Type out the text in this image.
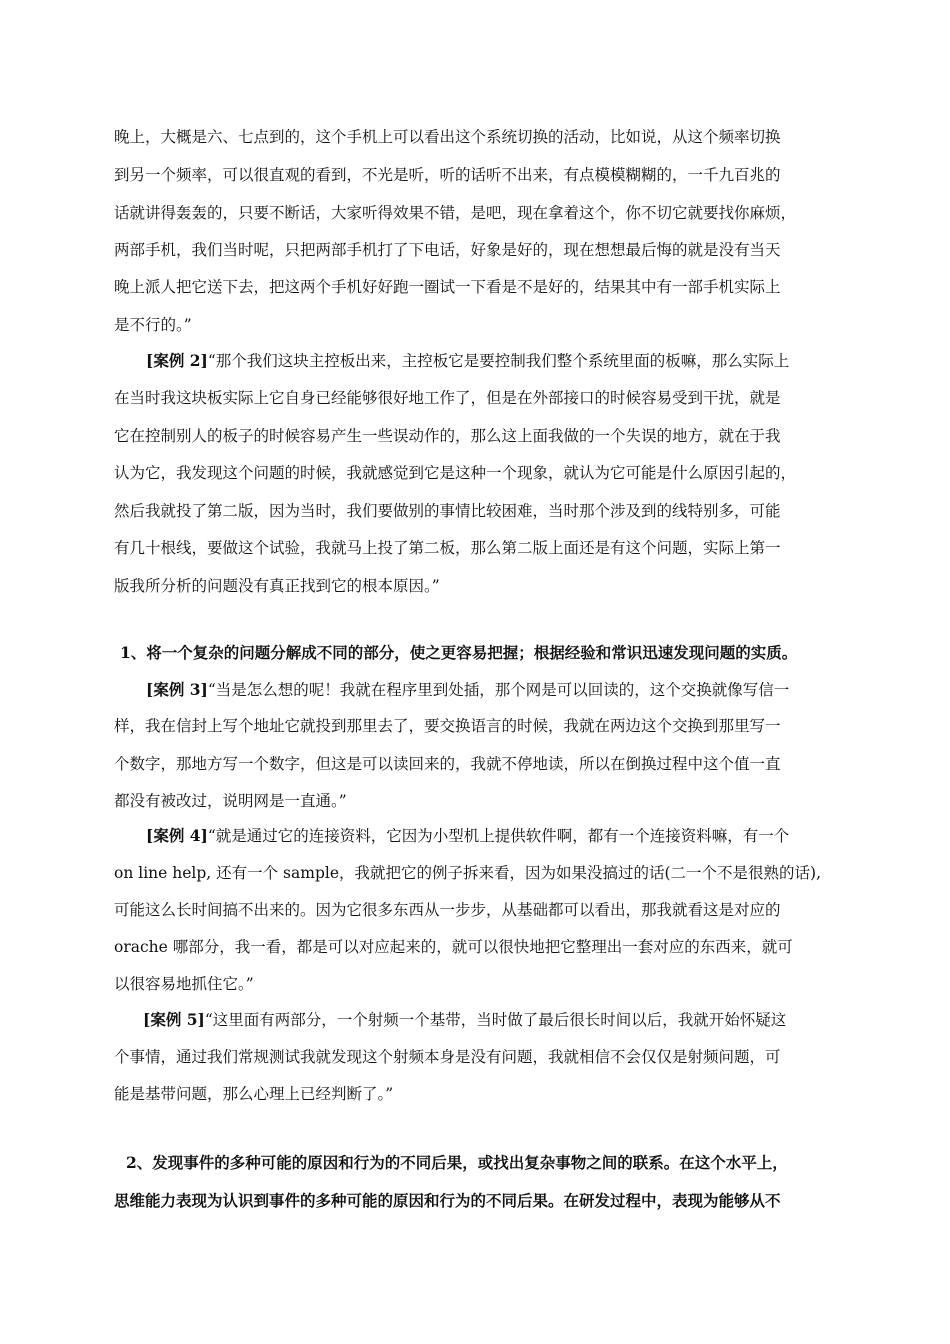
晚上，大概是六、七点到的，这个手机上可以看出这个系统切换的活动，比如说，从这个频率切换
到另一个频率，可以很直观的看到，不光是听，听的话听不出来，有点模模糊糊的，一千九百兆的
话就讲得轰轰的，只要不断话，大家听得效果不错，是吧，现在拿着这个，你不切它就要找你麻烦，
两部手机，我们当时呢，只把两部手机打了下电话，好象是好的，现在想想最后悔的就是没有当天
晚上派人把它送下去，把这两个手机好好跑一圈试一下看是不是好的，结果其中有一部手机实际上
是不行的。”
[案例 2]“那个我们这块主控板出来，主控板它是要控制我们整个系统里面的板嘛，那么实际上
在当时我这块板实际上它自身已经能够很好地工作了，但是在外部接口的时候容易受到干扰，就是
它在控制别人的板子的时候容易产生一些误动作的，那么这上面我做的一个失误的地方，就在于我
认为它，我发现这个问题的时候，我就感觉到它是这种一个现象，就认为它可能是什么原因引起的，
然后我就投了第二版，因为当时，我们要做别的事情比较困难，当时那个涉及到的线特别多，可能
有几十根线，要做这个试验，我就马上投了第二板，那么第二版上面还是有这个问题，实际上第一
版我所分析的问题没有真正找到它的根本原因。”
1、将一个复杂的问题分解成不同的部分，使之更容易把握；根据经验和常识迅速发现问题的实质。
[案例 3]“当是怎么想的呢！我就在程序里到处插，那个网是可以回读的，这个交换就像写信一
样，我在信封上写个地址它就投到那里去了，要交换语言的时候，我就在两边这个交换到那里写一
个数字，那地方写一个数字，但这是可以读回来的，我就不停地读，所以在倒换过程中这个值一直
都没有被改过，说明网是一直通。”
[案例 4]“就是通过它的连接资料，它因为小型机上提供软件啊，都有一个连接资料嘛，有一个
on line help, 还有一个 sample，我就把它的例子拆来看，因为如果没搞过的话(二一个不是很熟的话),
可能这么长时间搞不出来的。因为它很多东西从一步步，从基础都可以看出，那我就看这是对应的
orache 哪部分，我一看，都是可以对应起来的，就可以很快地把它整理出一套对应的东西来，就可
以很容易地抓住它。”
[案例 5]“这里面有两部分，一个射频一个基带，当时做了最后很长时间以后，我就开始怀疑这
个事情，通过我们常规测试我就发现这个射频本身是没有问题，我就相信不会仅仅是射频问题，可
能是基带问题，那么心理上已经判断了。”
2、发现事件的多种可能的原因和行为的不同后果，或找出复杂事物之间的联系。在这个水平上，
思维能力表现为认识到事件的多种可能的原因和行为的不同后果。在研发过程中，表现为能够从不
